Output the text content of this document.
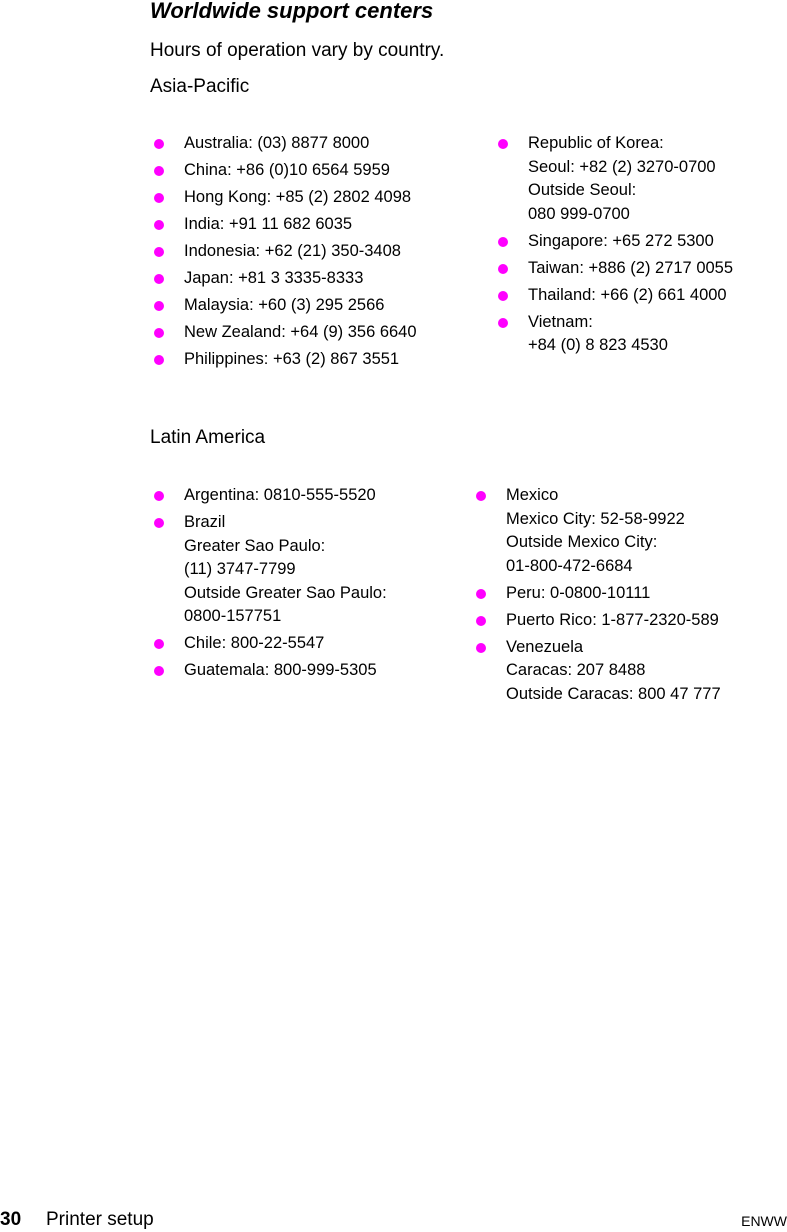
Worldwide support centers
Hours of operation vary by country.
Asia-Pacific
Australia: (03) 8877 8000
China: +86 (0)10 6564 5959
Hong Kong: +85 (2) 2802 4098
India: +91 11 682 6035
Indonesia: +62 (21) 350-3408
Japan: +81 3 3335-8333
Malaysia: +60 (3) 295 2566
New Zealand: +64 (9) 356 6640
Philippines: +63 (2) 867 3551
Republic of Korea:
Seoul: +82 (2) 3270-0700
Outside Seoul:
080 999-0700
Singapore: +65 272 5300
Taiwan: +886 (2) 2717 0055
Thailand: +66 (2) 661 4000
Vietnam:
+84 (0) 8 823 4530
Latin America
Argentina: 0810-555-5520
Brazil
Greater Sao Paulo:
(11) 3747-7799
Outside Greater Sao Paulo:
0800-157751
Chile: 800-22-5547
Guatemala: 800-999-5305
Mexico
Mexico City: 52-58-9922
Outside Mexico City:
01-800-472-6684
Peru: 0-0800-10111
Puerto Rico: 1-877-2320-589
Venezuela
Caracas: 207 8488
Outside Caracas: 800 47 777
30 Printer setup	ENWW
